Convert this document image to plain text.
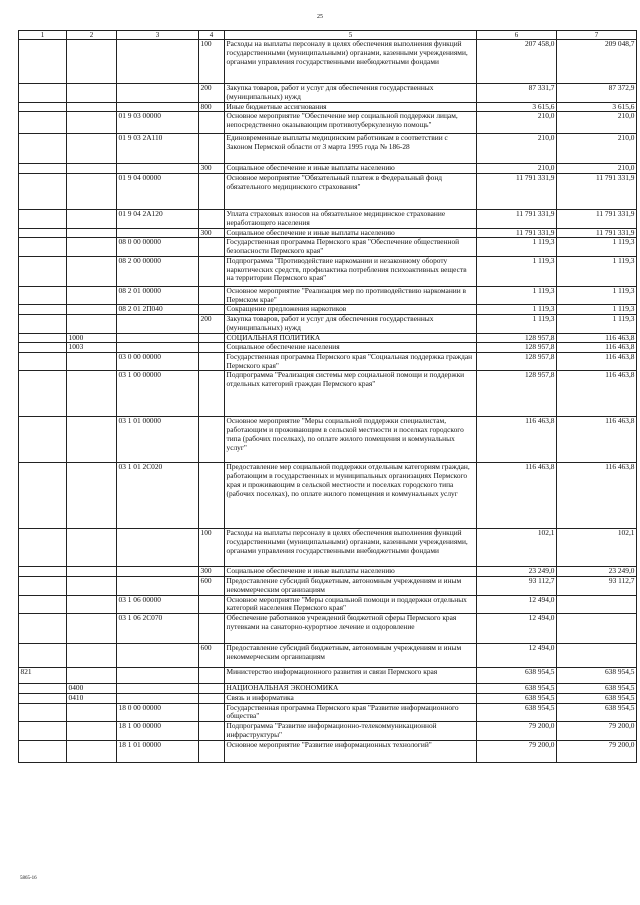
25
1	2	3	4	5	6	7
			100	Расходы на выплаты персоналу в целях обеспечения выполнения функций государственными (муниципальными) органами, казенными учреждениями, органами управления государственными внебюджетными фондами	207 458,0	209 048,7
			200	Закупка товаров, работ и услуг для обеспечения государственных (муниципальных) нужд	87 331,7	87 372,9
			800	Иные бюджетные ассигнования	3 615,6	3 615,6
		01 9 03 00000		Основное мероприятие "Обеспечение мер социальной поддержки лицам, непосредственно оказывающим противотуберкулезную помощь"	210,0	210,0
		01 9 03 2А110		Единовременные выплаты медицинским работникам в соответствии с Законом Пермской области от 3 марта 1995 года № 186-28	210,0	210,0
			300	Социальное обеспечение и иные выплаты населению	210,0	210,0
		01 9 04 00000		Основное мероприятие "Обязательный платеж в Федеральный фонд обязательного медицинского страхования"	11 791 331,9	11 791 331,9
		01 9 04 2А120		Уплата страховых взносов на обязательное медицинское страхование неработающего населения	11 791 331,9	11 791 331,9
			300	Социальное обеспечение и иные выплаты населению	11 791 331,9	11 791 331,9
		08 0 00 00000		Государственная программа Пермского края "Обеспечение общественной безопасности Пермского края"	1 119,3	1 119,3
		08 2 00 00000		Подпрограмма "Противодействие наркомании и незаконному обороту наркотических средств, профилактика потребления психоактивных веществ на территории Пермского края"	1 119,3	1 119,3
		08 2 01 00000		Основное мероприятие "Реализация мер по противодействию наркомании в Пермском крае"	1 119,3	1 119,3
		08 2 01 2П040		Сокращение предложения наркотиков	1 119,3	1 119,3
			200	Закупка товаров, работ и услуг для обеспечения государственных (муниципальных) нужд	1 119,3	1 119,3
	1000			СОЦИАЛЬНАЯ ПОЛИТИКА	128 957,8	116 463,8
	1003			Социальное обеспечение населения	128 957,8	116 463,8
		03 0 00 00000		Государственная программа Пермского края "Социальная поддержка граждан Пермского края"	128 957,8	116 463,8
		03 1 00 00000		Подпрограмма "Реализация системы мер социальной помощи и поддержки отдельных категорий граждан Пермского края"	128 957,8	116 463,8
		03 1 01 00000		Основное мероприятие "Меры социальной поддержки специалистам, работающим и проживающим в сельской местности и поселках городского типа (рабочих поселках), по оплате жилого помещения и коммунальных услуг"	116 463,8	116 463,8
		03 1 01 2С020		Предоставление мер социальной поддержки отдельным категориям граждан, работающим в государственных и муниципальных организациях Пермского края и проживающим в сельской местности и поселках городского типа (рабочих поселках), по оплате жилого помещения и коммунальных услуг	116 463,8	116 463,8
			100	Расходы на выплаты персоналу в целях обеспечения выполнения функций государственными (муниципальными) органами, казенными учреждениями, органами управления государственными внебюджетными фондами	102,1	102,1
			300	Социальное обеспечение и иные выплаты населению	23 249,0	23 249,0
			600	Предоставление субсидий бюджетным, автономным учреждениям и иным некоммерческим организациям	93 112,7	93 112,7
		03 1 06 00000		Основное мероприятие "Меры социальной помощи и поддержки отдельных категорий населения Пермского края"	12 494,0	
		03 1 06 2С070		Обеспечение работников учреждений бюджетной сферы Пермского края путевками на санаторно-курортное лечение и оздоровление	12 494,0	
			600	Предоставление субсидий бюджетным, автономным учреждениям и иным некоммерческим организациям	12 494,0	
821				Министерство информационного развития и связи Пермского края	638 954,5	638 954,5
	0400			НАЦИОНАЛЬНАЯ ЭКОНОМИКА	638 954,5	638 954,5
	0410			Связь и информатика	638 954,5	638 954,5
		18 0 00 00000		Государственная программа Пермского края "Развитие информационного общества"	638 954,5	638 954,5
		18 1 00 00000		Подпрограмма "Развитие информационно-телекоммуникационной инфраструктуры"	79 200,0	79 200,0
		18 1 01 00000		Основное мероприятие "Развитие информационных технологий"	79 200,0	79 200,0
5865-16
